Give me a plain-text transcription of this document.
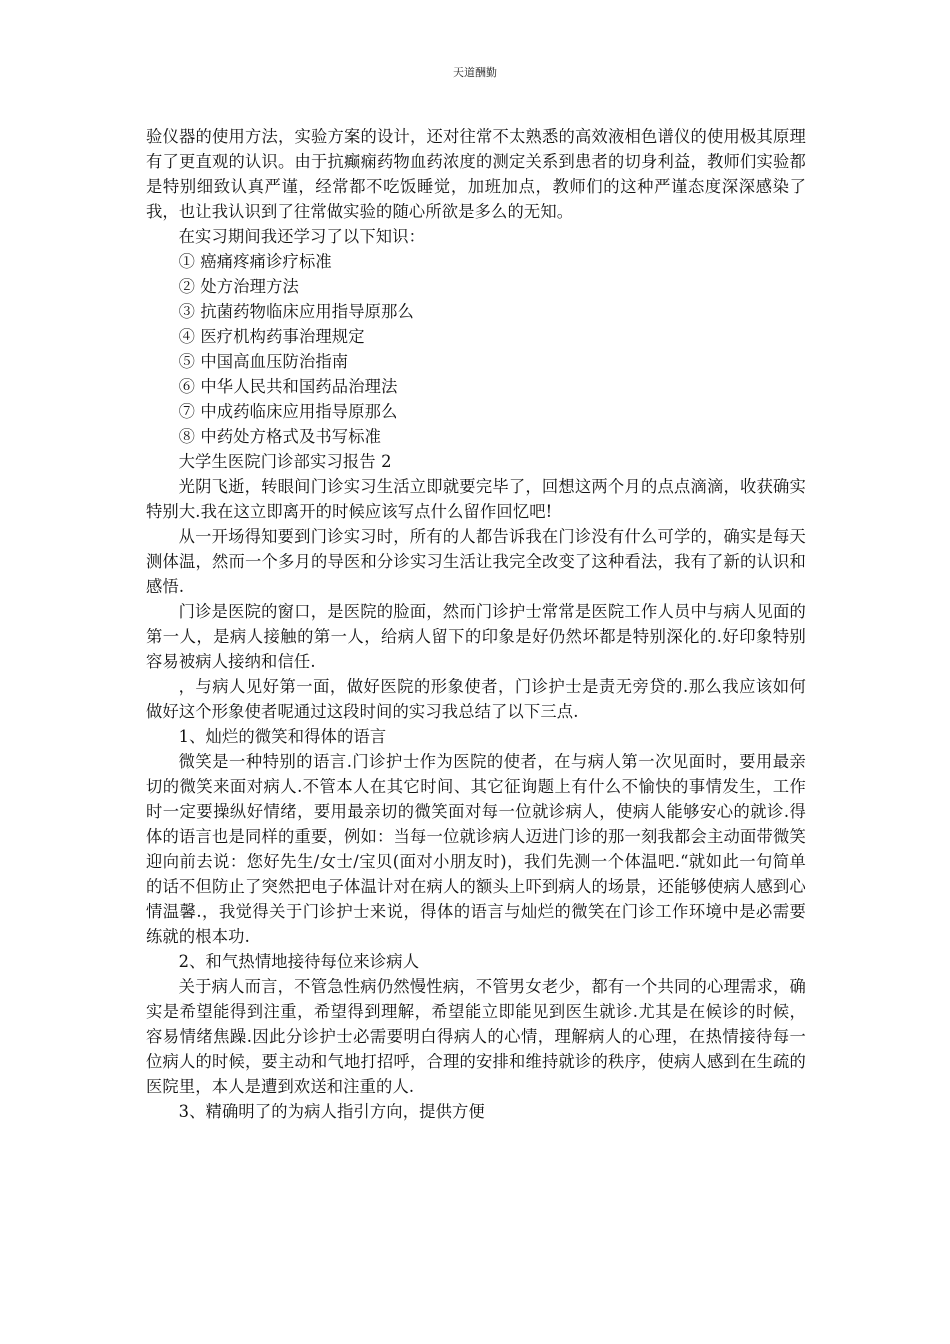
天道酬勤

验仪器的使用方法，实验方案的设计，还对往常不太熟悉的高效液相色谱仪的使用极其原理有了更直观的认识。由于抗癫痫药物血药浓度的测定关系到患者的切身利益，教师们实验都是特别细致认真严谨，经常都不吃饭睡觉，加班加点，教师们的这种严谨态度深深感染了我，也让我认识到了往常做实验的随心所欲是多么的无知。

在实习期间我还学习了以下知识：

① 癌痛疼痛诊疗标准

② 处方治理方法

③ 抗菌药物临床应用指导原那么

④ 医疗机构药事治理规定

⑤ 中国高血压防治指南

⑥ 中华人民共和国药品治理法

⑦ 中成药临床应用指导原那么

⑧ 中药处方格式及书写标准

大学生医院门诊部实习报告 2

光阴飞逝，转眼间门诊实习生活立即就要完毕了，回想这两个月的点点滴滴，收获确实特别大.我在这立即离开的时候应该写点什么留作回忆吧!

从一开场得知要到门诊实习时，所有的人都告诉我在门诊没有什么可学的，确实是每天测体温，然而一个多月的导医和分诊实习生活让我完全改变了这种看法，我有了新的认识和感悟.

门诊是医院的窗口，是医院的脸面，然而门诊护士常常是医院工作人员中与病人见面的第一人，是病人接触的第一人，给病人留下的印象是好仍然坏都是特别深化的.好印象特别容易被病人接纳和信任.

，与病人见好第一面，做好医院的形象使者，门诊护士是责无旁贷的.那么我应该如何做好这个形象使者呢通过这段时间的实习我总结了以下三点.

1、灿烂的微笑和得体的语言

微笑是一种特别的语言.门诊护士作为医院的使者，在与病人第一次见面时，要用最亲切的微笑来面对病人.不管本人在其它时间、其它征询题上有什么不愉快的事情发生，工作时一定要操纵好情绪，要用最亲切的微笑面对每一位就诊病人，使病人能够安心的就诊.得体的语言也是同样的重要，例如：当每一位就诊病人迈进门诊的那一刻我都会主动面带微笑迎向前去说：您好先生/女士/宝贝(面对小朋友时)，我们先测一个体温吧.“就如此一句简单的话不但防止了突然把电子体温计对在病人的额头上吓到病人的场景，还能够使病人感到心情温馨.，我觉得关于门诊护士来说，得体的语言与灿烂的微笑在门诊工作环境中是必需要练就的根本功.

2、和气热情地接待每位来诊病人

关于病人而言，不管急性病仍然慢性病，不管男女老少，都有一个共同的心理需求，确实是希望能得到注重，希望得到理解，希望能立即能见到医生就诊.尤其是在候诊的时候，容易情绪焦躁.因此分诊护士必需要明白得病人的心情，理解病人的心理，在热情接待每一位病人的时候，要主动和气地打招呼，合理的安排和维持就诊的秩序，使病人感到在生疏的医院里，本人是遭到欢送和注重的人.

3、精确明了的为病人指引方向，提供方便
